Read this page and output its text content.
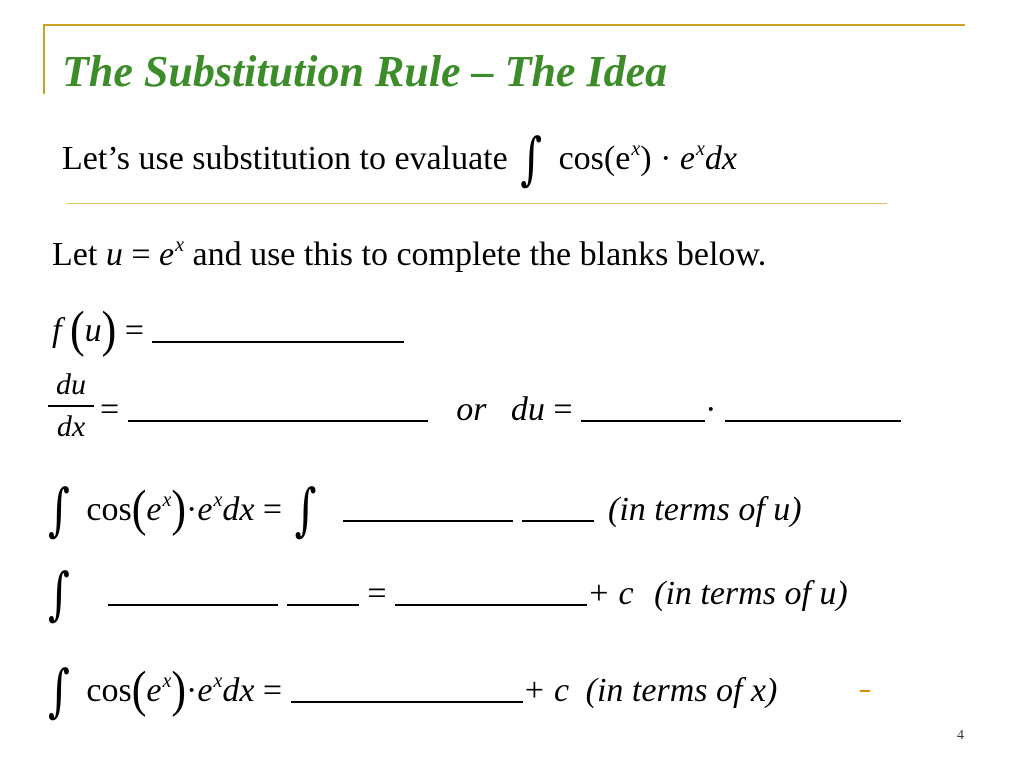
The Substitution Rule – The Idea
Let’s use substitution to evaluate ∫ $\cos(e^x) \cdot e^xdx$
Let $u = e^x$ and use this to complete the blanks below.
f (u) =
du
dx =	or du =	·
∫ $\cos(e^x)\cdot e^xdx$ = ∫	(in terms of u)
∫	=	+ c (in terms of u)
∫ $\cos(e^x)\cdot e^xdx$ =	+ c (in terms of x)
4
